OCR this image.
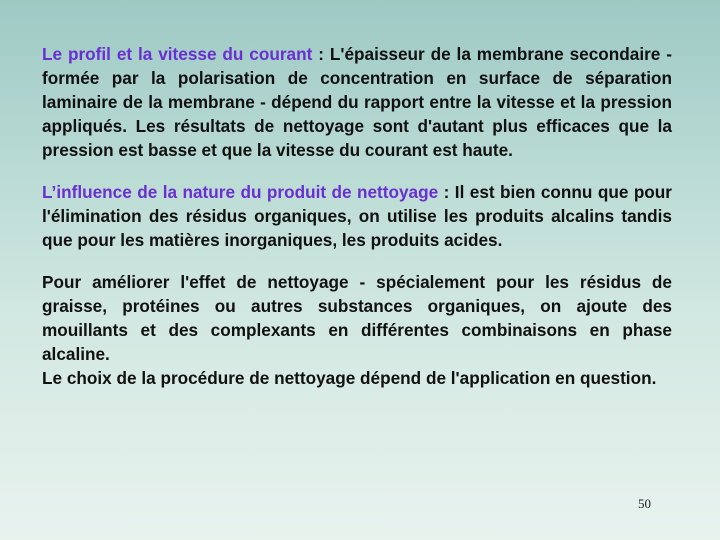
Le profil et la vitesse du courant : L'épaisseur de la membrane secondaire - formée par la polarisation de concentration en surface de séparation laminaire de la membrane - dépend du rapport entre la vitesse et la pression appliqués. Les résultats de nettoyage sont d'autant plus efficaces que la pression est basse et que la vitesse du courant est haute.

L’influence de la nature du produit de nettoyage : Il est bien connu que pour l'élimination des résidus organiques, on utilise les produits alcalins tandis que pour les matières inorganiques, les produits acides.

Pour améliorer l'effet de nettoyage - spécialement pour les résidus de graisse, protéines ou autres substances organiques, on ajoute des mouillants et des complexants en différentes combinaisons en phase alcaline.

Le choix de la procédure de nettoyage dépend de l'application en question.

50
